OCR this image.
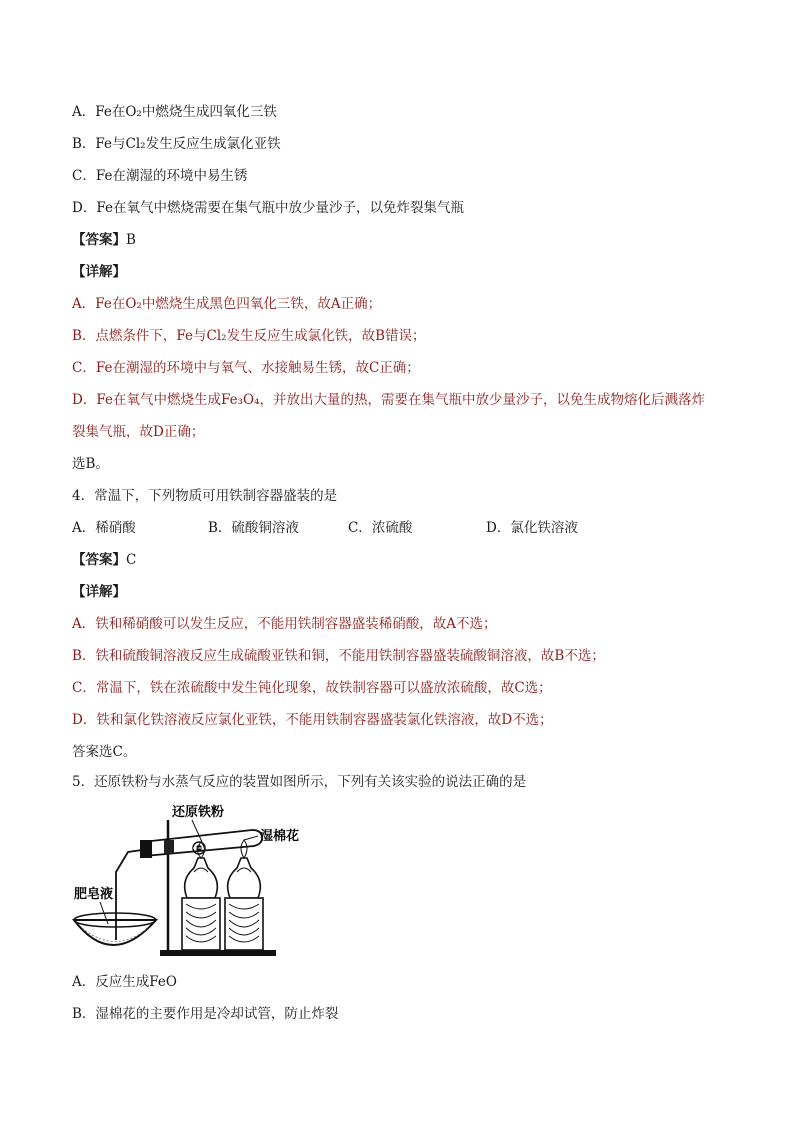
A．Fe在O₂中燃烧生成四氧化三铁
B．Fe与Cl₂发生反应生成氯化亚铁
C．Fe在潮湿的环境中易生锈
D．Fe在氧气中燃烧需要在集气瓶中放少量沙子，以免炸裂集气瓶
【答案】B
【详解】
A．Fe在O₂中燃烧生成黑色四氧化三铁，故A正确；
B．点燃条件下，Fe与Cl₂发生反应生成氯化铁，故B错误；
C．Fe在潮湿的环境中与氧气、水接触易生锈，故C正确；
D．Fe在氧气中燃烧生成Fe₃O₄，并放出大量的热，需要在集气瓶中放少量沙子，以免生成物熔化后溅落炸
裂集气瓶，故D正确；
选B。
4．常温下，下列物质可用铁制容器盛装的是
A．稀硝酸	B．硫酸铜溶液	C．浓硫酸	D．氯化铁溶液
【答案】C
【详解】
A．铁和稀硝酸可以发生反应，不能用铁制容器盛装稀硝酸，故A不选；
B．铁和硫酸铜溶液反应生成硫酸亚铁和铜，不能用铁制容器盛装硫酸铜溶液，故B不选；
C．常温下，铁在浓硫酸中发生钝化现象，故铁制容器可以盛放浓硫酸，故C选；
D．铁和氯化铁溶液反应氯化亚铁，不能用铁制容器盛装氯化铁溶液，故D不选；
答案选C。
5．还原铁粉与水蒸气反应的装置如图所示，下列有关该实验的说法正确的是
还原铁粉
湿棉花
肥皂液
A．反应生成FeO
B．湿棉花的主要作用是冷却试管，防止炸裂
